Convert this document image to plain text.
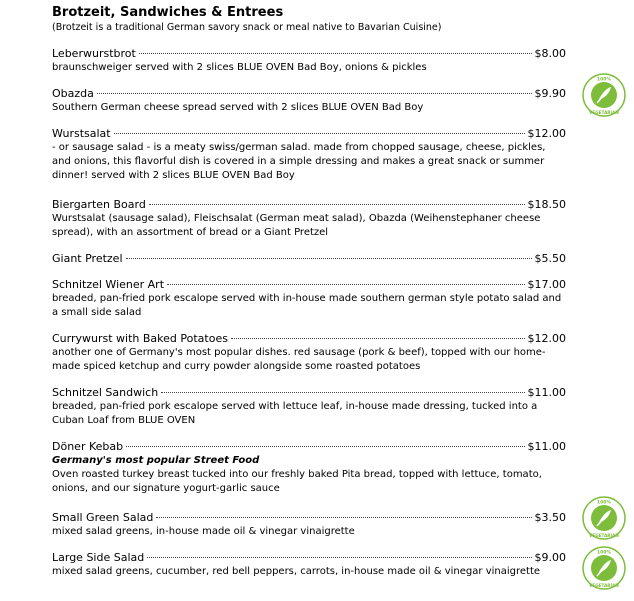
Brotzeit, Sandwiches & Entrees

(Brotzeit is a traditional German savory snack or meal native to Bavarian Cuisine)

Leberwurstbrot	$8.00

braunschweiger served with 2 slices BLUE OVEN Bad Boy, onions & pickles

Obazda	$9.90

Southern German cheese spread served with 2 slices BLUE OVEN Bad Boy

Wurstsalat	$12.00

- or sausage salad - is a meaty swiss/german salad. made from chopped sausage, cheese, pickles, and onions, this flavorful dish is covered in a simple dressing and makes a great snack or summer dinner! served with 2 slices BLUE OVEN Bad Boy

Biergarten Board	$18.50

Wurstsalat (sausage salad), Fleischsalat (German meat salad), Obazda (Weihenstephaner cheese spread), with an assortment of bread or a Giant Pretzel

Giant Pretzel	$5.50
Schnitzel Wiener Art	$17.00

breaded, pan-fried pork escalope served with in-house made southern german style potato salad and a small side salad

Currywurst with Baked Potatoes	$12.00

another one of Germany's most popular dishes. red sausage (pork & beef), topped with our home-made spiced ketchup and curry powder alongside some roasted potatoes

Schnitzel Sandwich	$11.00

breaded, pan-fried pork escalope served with lettuce leaf, in-house made dressing, tucked into a Cuban Loaf from BLUE OVEN

Döner Kebab	$11.00

Germany's most popular Street Food

Oven roasted turkey breast tucked into our freshly baked Pita bread, topped with lettuce, tomato, onions, and our signature yogurt-garlic sauce

Small Green Salad	$3.50

mixed salad greens, in-house made oil & vinegar vinaigrette

Large Side Salad	$9.00

mixed salad greens, cucumber, red bell peppers, carrots, in-house made oil & vinegar vinaigrette

100%
VEGETARIAN
100%
VEGETARIAN
100%
VEGETARIAN
